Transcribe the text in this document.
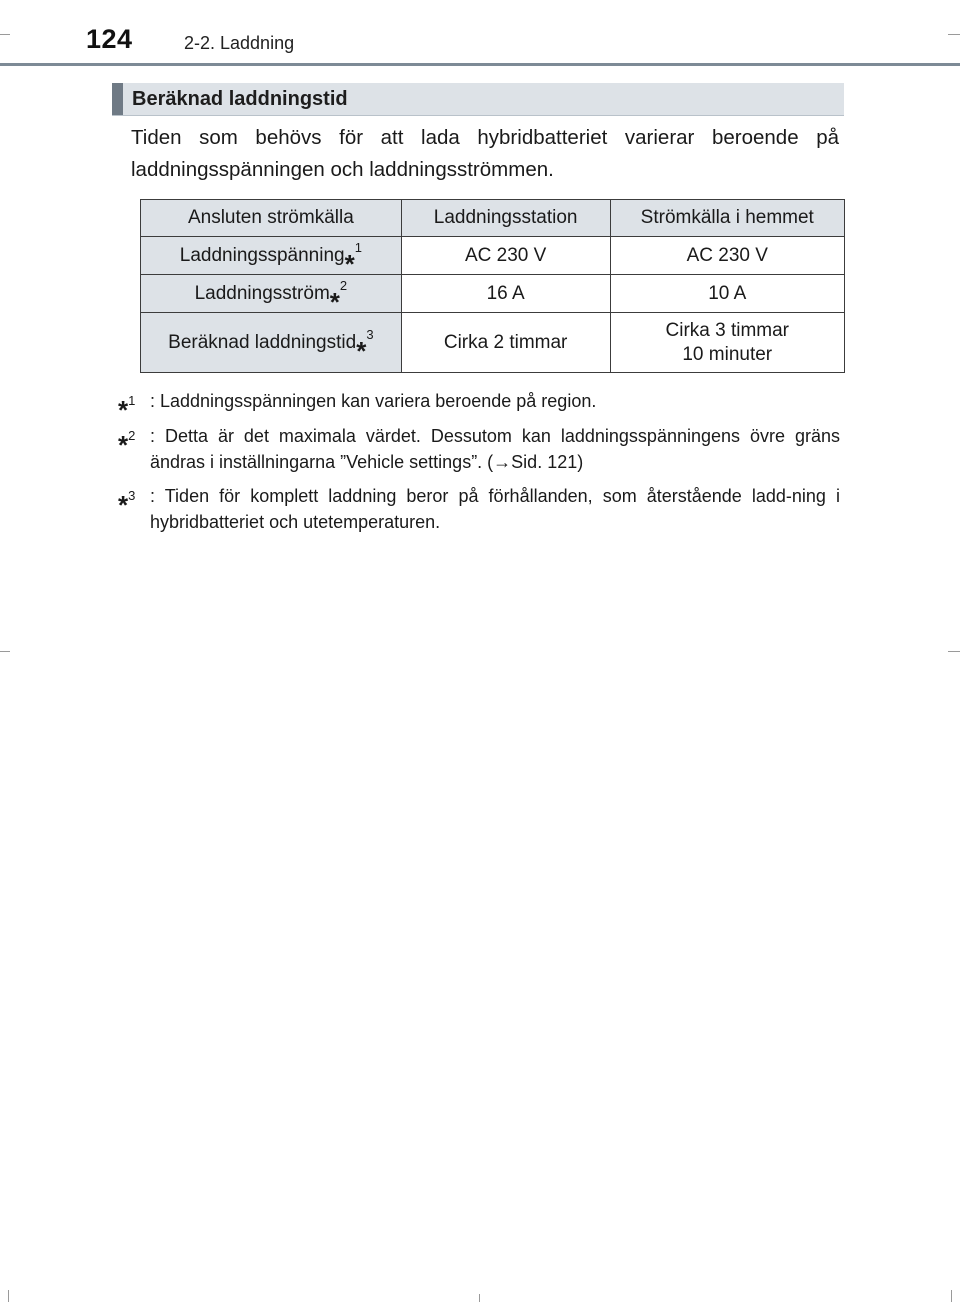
124	2-2. Laddning
Beräknad laddningstid
Tiden som behövs för att lada hybridbatteriet varierar beroende på laddningsspänningen och laddningsströmmen.
Ansluten strömkälla	Laddningsstation	Strömkälla i hemmet
Laddningsspänning*$^1$	AC 230 V	AC 230 V
Laddningsström*$^2$	16 A	10 A
Beräknad laddningstid*$^3$	Cirka 2 timmar	Cirka 3 timmar
10 minuter
*$^1$ : Laddningsspänningen kan variera beroende på region.
*$^2$ : Detta är det maximala värdet. Dessutom kan laddningsspänningens övre gräns ändras i inställningarna ”Vehicle settings”. (→Sid. 121)
*$^3$ : Tiden för komplett laddning beror på förhållanden, som återstående ladd-ning i hybridbatteriet och utetemperaturen.
